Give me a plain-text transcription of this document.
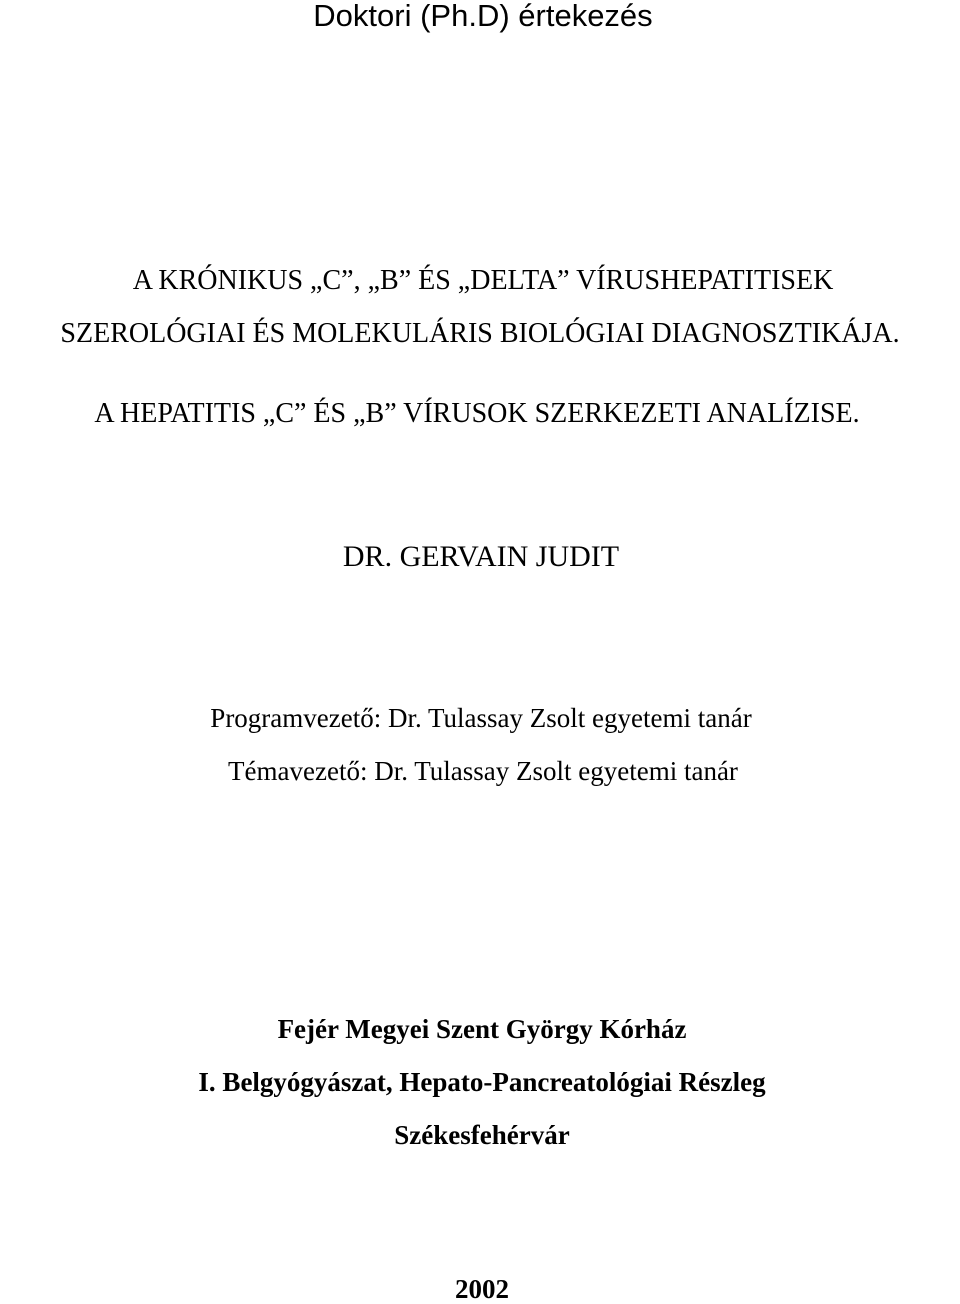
Doktori (Ph.D) értekezés
A KRÓNIKUS „C”, „B” ÉS „DELTA” VÍRUSHEPATITISEK
SZEROLÓGIAI ÉS MOLEKULÁRIS BIOLÓGIAI DIAGNOSZTIKÁJA.
A HEPATITIS „C” ÉS „B” VÍRUSOK SZERKEZETI ANALÍZISE.
DR. GERVAIN JUDIT
Programvezető: Dr. Tulassay Zsolt egyetemi tanár
Témavezető: Dr. Tulassay Zsolt egyetemi tanár
Fejér Megyei Szent György Kórház
I. Belgyógyászat, Hepato-Pancreatológiai Részleg
Székesfehérvár
2002
